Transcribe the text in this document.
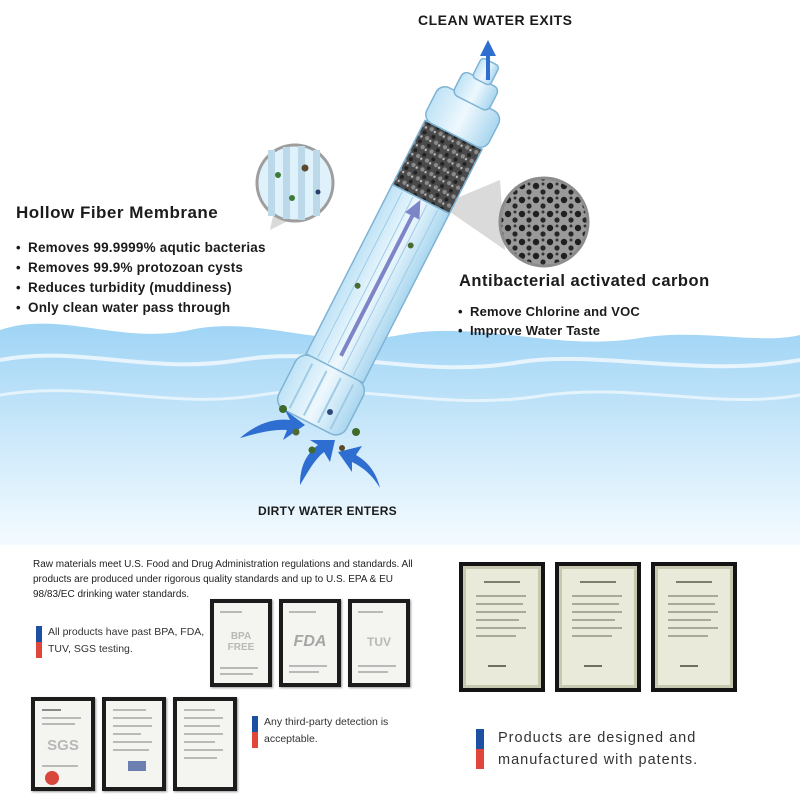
CLEAN WATER EXITS
Hollow Fiber Membrane
• Removes 99.9999% aqutic bacterias
• Removes 99.9% protozoan cysts
• Reduces turbidity (muddiness)
• Only clean water pass through
Antibacterial activated carbon
• Remove Chlorine and VOC
• Improve Water Taste
DIRTY WATER ENTERS
Raw materials meet U.S. Food and Drug Administration regulations and standards. All products are produced under rigorous quality standards and up to U.S. EPA & EU 98/83/EC drinking water standards.
All products have past BPA, FDA,
TUV, SGS testing.
BPA
FREE	FDA	TUV
SGS
Any third-party detection is
acceptable.	Products are designed and
manufactured with patents.
